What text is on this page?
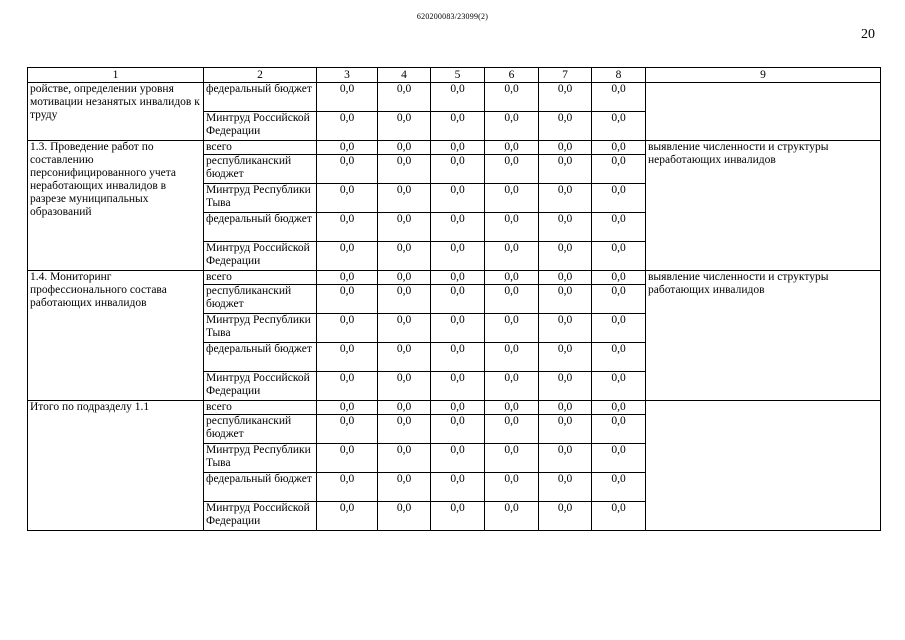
620200083/23099(2)
20
1	2	3	4	5	6	7	8	9
ройстве, определении уровня мотивации незанятых инвалидов к труду	федеральный бюджет	0,0	0,0	0,0	0,0	0,0	0,0	
	Минтруд Российской Федерации	0,0	0,0	0,0	0,0	0,0	0,0	
1.3. Проведение работ по составлению персонифицированного учета неработающих инвалидов в разрезе муниципальных образований	всего	0,0	0,0	0,0	0,0	0,0	0,0	выявление численности и структуры неработающих инвалидов
	республиканский бюджет	0,0	0,0	0,0	0,0	0,0	0,0	
	Минтруд Республики Тыва	0,0	0,0	0,0	0,0	0,0	0,0	
	федеральный бюджет	0,0	0,0	0,0	0,0	0,0	0,0	
	Минтруд Российской Федерации	0,0	0,0	0,0	0,0	0,0	0,0	
1.4. Мониторинг профессионального состава работающих инвалидов	всего	0,0	0,0	0,0	0,0	0,0	0,0	выявление численности и структуры работающих инвалидов
	республиканский бюджет	0,0	0,0	0,0	0,0	0,0	0,0	
	Минтруд Республики Тыва	0,0	0,0	0,0	0,0	0,0	0,0	
	федеральный бюджет	0,0	0,0	0,0	0,0	0,0	0,0	
	Минтруд Российской Федерации	0,0	0,0	0,0	0,0	0,0	0,0	
Итого по подразделу 1.1	всего	0,0	0,0	0,0	0,0	0,0	0,0	
	республиканский бюджет	0,0	0,0	0,0	0,0	0,0	0,0	
	Минтруд Республики Тыва	0,0	0,0	0,0	0,0	0,0	0,0	
	федеральный бюджет	0,0	0,0	0,0	0,0	0,0	0,0	
	Минтруд Российской Федерации	0,0	0,0	0,0	0,0	0,0	0,0	
